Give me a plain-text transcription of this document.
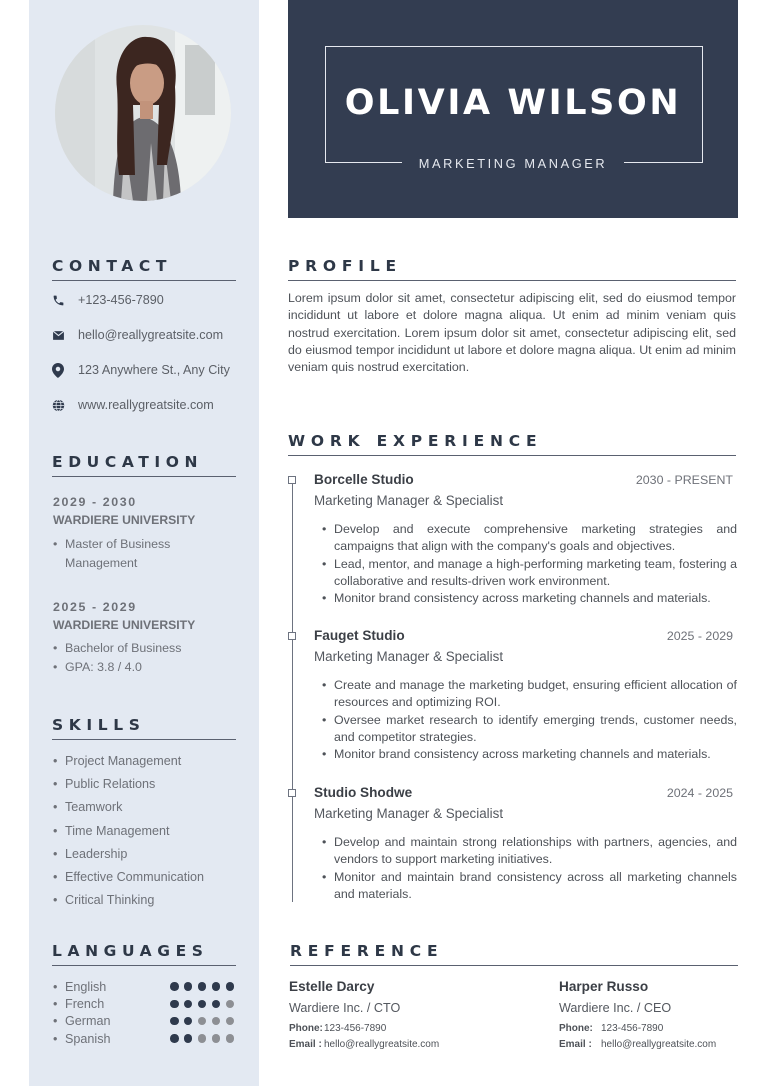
CONTACT
+123-456-7890
hello@reallygreatsite.com
123 Anywhere St., Any City
www.reallygreatsite.com
EDUCATION
2029 - 2030
WARDIERE UNIVERSITY
• Master of Business Management
2025 - 2029
WARDIERE UNIVERSITY
• Bachelor of Business
• GPA: 3.8 / 4.0
SKILLS
• Project Management
• Public Relations
• Teamwork
• Time Management
• Leadership
• Effective Communication
• Critical Thinking
LANGUAGES
• English
• French
• German
• Spanish
OLIVIA WILSON
MARKETING MANAGER
PROFILE
Lorem ipsum dolor sit amet, consectetur adipiscing elit, sed do eiusmod tempor incididunt ut labore et dolore magna aliqua. Ut enim ad minim veniam quis nostrud exercitation. Lorem ipsum dolor sit amet, consectetur adipiscing elit, sed do eiusmod tempor incididunt ut labore et dolore magna aliqua. Ut enim ad minim veniam quis nostrud exercitation.
WORK EXPERIENCE
Borcelle Studio	2030 - PRESENT
Marketing Manager & Specialist
• Develop and execute comprehensive marketing strategies and campaigns that align with the company's goals and objectives.
• Lead, mentor, and manage a high-performing marketing team, fostering a collaborative and results-driven work environment.
• Monitor brand consistency across marketing channels and materials.
Fauget Studio	2025 - 2029
Marketing Manager & Specialist
• Create and manage the marketing budget, ensuring efficient allocation of resources and optimizing ROI.
• Oversee market research to identify emerging trends, customer needs, and competitor strategies.
• Monitor brand consistency across marketing channels and materials.
Studio Shodwe	2024 - 2025
Marketing Manager & Specialist
• Develop and maintain strong relationships with partners, agencies, and vendors to support marketing initiatives.
• Monitor and maintain brand consistency across all marketing channels and materials.
REFERENCE
Estelle Darcy
Wardiere Inc. / CTO
Phone: 123-456-7890
Email : hello@reallygreatsite.com
Harper Russo
Wardiere Inc. / CEO
Phone: 123-456-7890
Email : hello@reallygreatsite.com
